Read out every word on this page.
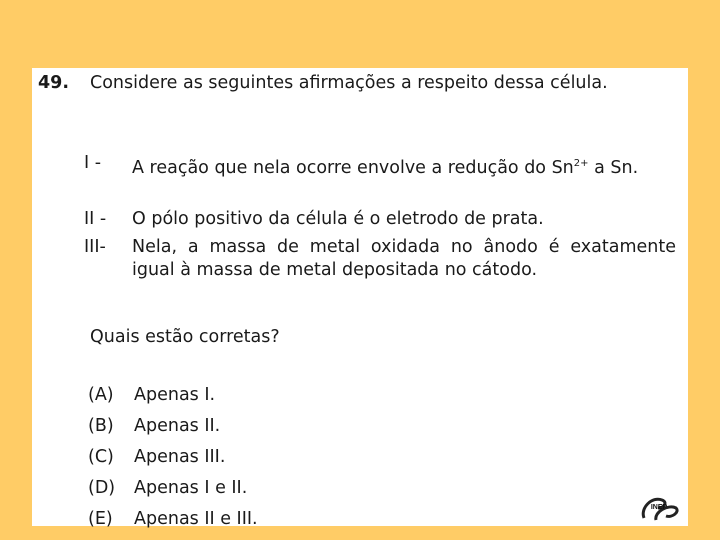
49. Considere as seguintes afirmações a respeito dessa célula.
I -	A reação que nela ocorre envolve a redução do $Sn^{2+}$ a Sn.
II -	O pólo positivo da célula é o eletrodo de prata.
III-	Nela, a massa de metal oxidada no ânodo é exatamente igual à massa de metal depositada no cátodo.
Quais estão corretas?
(A) Apenas I.
(B) Apenas II.
(C) Apenas III.
(D) Apenas I e II.
(E) Apenas II e III.
INEP
